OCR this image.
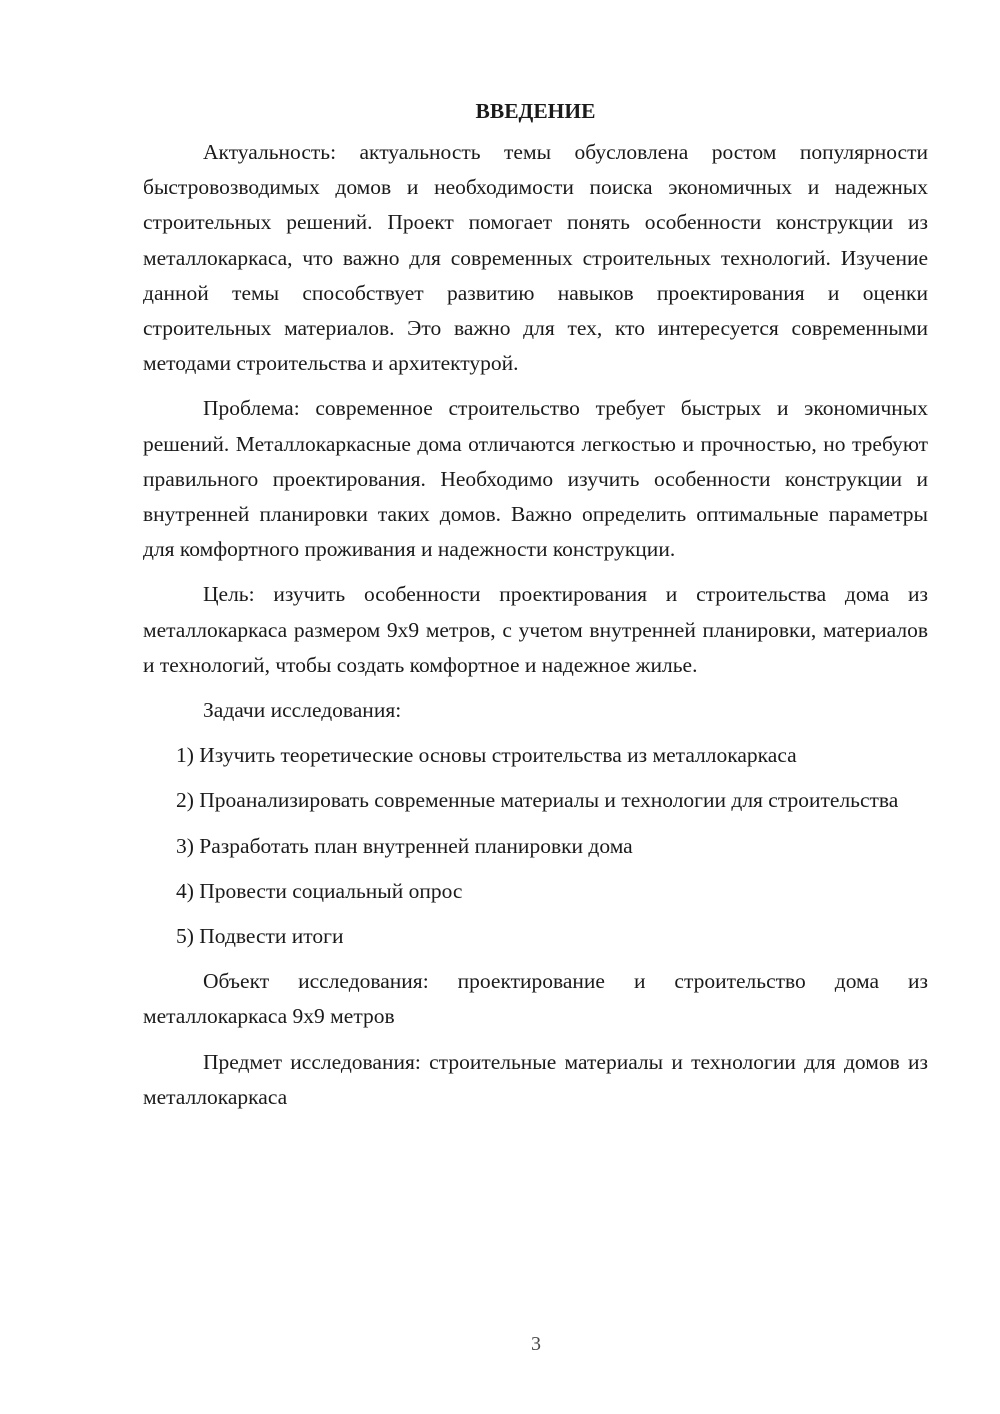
ВВЕДЕНИЕ

Актуальность: актуальность темы обусловлена ростом популярности быстровозводимых домов и необходимости поиска экономичных и надежных строительных решений. Проект помогает понять особенности конструкции из металлокаркаса, что важно для современных строительных технологий. Изучение данной темы способствует развитию навыков проектирования и оценки строительных материалов. Это важно для тех, кто интересуется современными методами строительства и архитектурой.

Проблема: современное строительство требует быстрых и экономичных решений. Металлокаркасные дома отличаются легкостью и прочностью, но требуют правильного проектирования. Необходимо изучить особенности конструкции и внутренней планировки таких домов. Важно определить оптимальные параметры для комфортного проживания и надежности конструкции.

Цель: изучить особенности проектирования и строительства дома из металлокаркаса размером 9х9 метров, с учетом внутренней планировки, материалов и технологий, чтобы создать комфортное и надежное жилье.

Задачи исследования:

1) Изучить теоретические основы строительства из металлокаркаса

2) Проанализировать современные материалы и технологии для строительства

3) Разработать план внутренней планировки дома

4) Провести социальный опрос

5) Подвести итоги

Объект исследования: проектирование и строительство дома из металлокаркаса 9х9 метров

Предмет исследования: строительные материалы и технологии для домов из металлокаркаса

3
